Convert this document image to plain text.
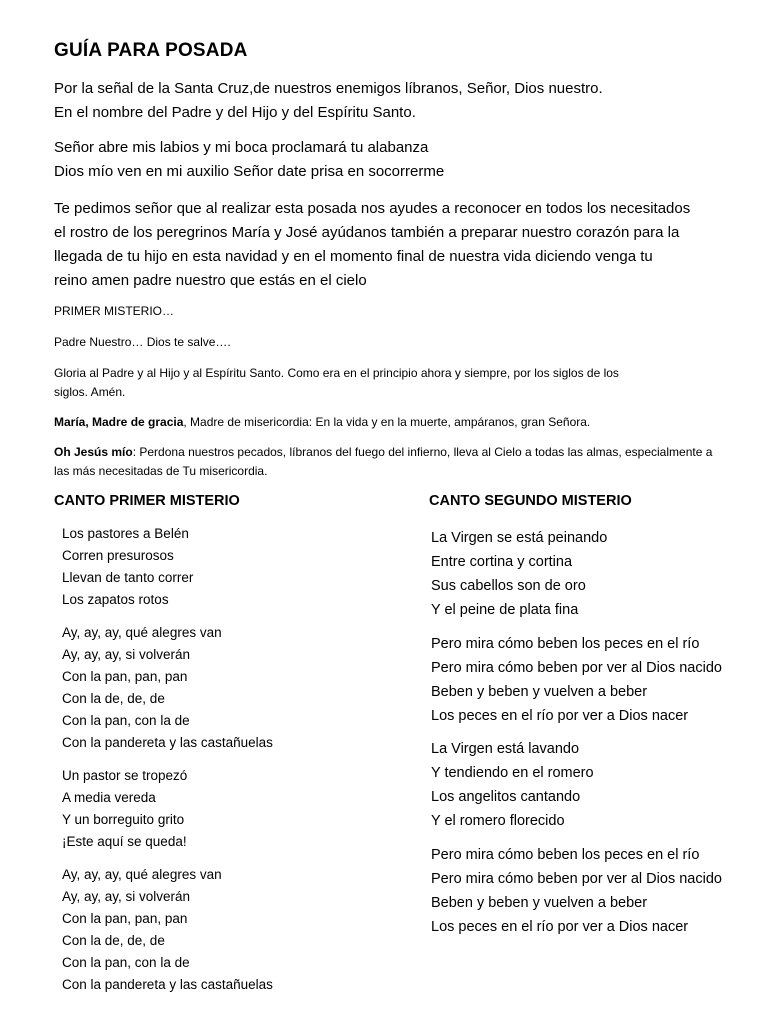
GUÍA PARA POSADA
Por la señal de la Santa Cruz,de nuestros enemigos líbranos, Señor, Dios nuestro.
En el nombre del Padre y del Hijo y del Espíritu Santo.
Señor abre mis labios y mi boca proclamará tu alabanza
Dios mío ven en mi auxilio Señor date prisa en socorrerme
Te pedimos señor que al realizar esta posada nos ayudes a reconocer en todos los necesitados
el rostro de los peregrinos María y José ayúdanos también a preparar nuestro corazón para la
llegada de tu hijo en esta navidad y en el momento final de nuestra vida diciendo venga tu
reino amen padre nuestro que estás en el cielo
PRIMER MISTERIO…
Padre Nuestro… Dios te salve….
Gloria al Padre y al Hijo y al Espíritu Santo. Como era en el principio ahora y siempre, por los siglos de los
siglos. Amén.
María, Madre de gracia, Madre de misericordia: En la vida y en la muerte, ampáranos, gran Señora.
Oh Jesús mío: Perdona nuestros pecados, líbranos del fuego del infierno, lleva al Cielo a todas las almas, especialmente a
las más necesitadas de Tu misericordia.
CANTO PRIMER MISTERIO	CANTO SEGUNDO MISTERIO
Los pastores a Belén
Corren presurosos
Llevan de tanto correr
Los zapatos rotos
Ay, ay, ay, qué alegres van
Ay, ay, ay, si volverán
Con la pan, pan, pan
Con la de, de, de
Con la pan, con la de
Con la pandereta y las castañuelas
Un pastor se tropezó
A media vereda
Y un borreguito grito
¡Este aquí se queda!
Ay, ay, ay, qué alegres van
Ay, ay, ay, si volverán
Con la pan, pan, pan
Con la de, de, de
Con la pan, con la de
Con la pandereta y las castañuelas
La Virgen se está peinando
Entre cortina y cortina
Sus cabellos son de oro
Y el peine de plata fina
Pero mira cómo beben los peces en el río
Pero mira cómo beben por ver al Dios nacido
Beben y beben y vuelven a beber
Los peces en el río por ver a Dios nacer
La Virgen está lavando
Y tendiendo en el romero
Los angelitos cantando
Y el romero florecido
Pero mira cómo beben los peces en el río
Pero mira cómo beben por ver al Dios nacido
Beben y beben y vuelven a beber
Los peces en el río por ver a Dios nacer
